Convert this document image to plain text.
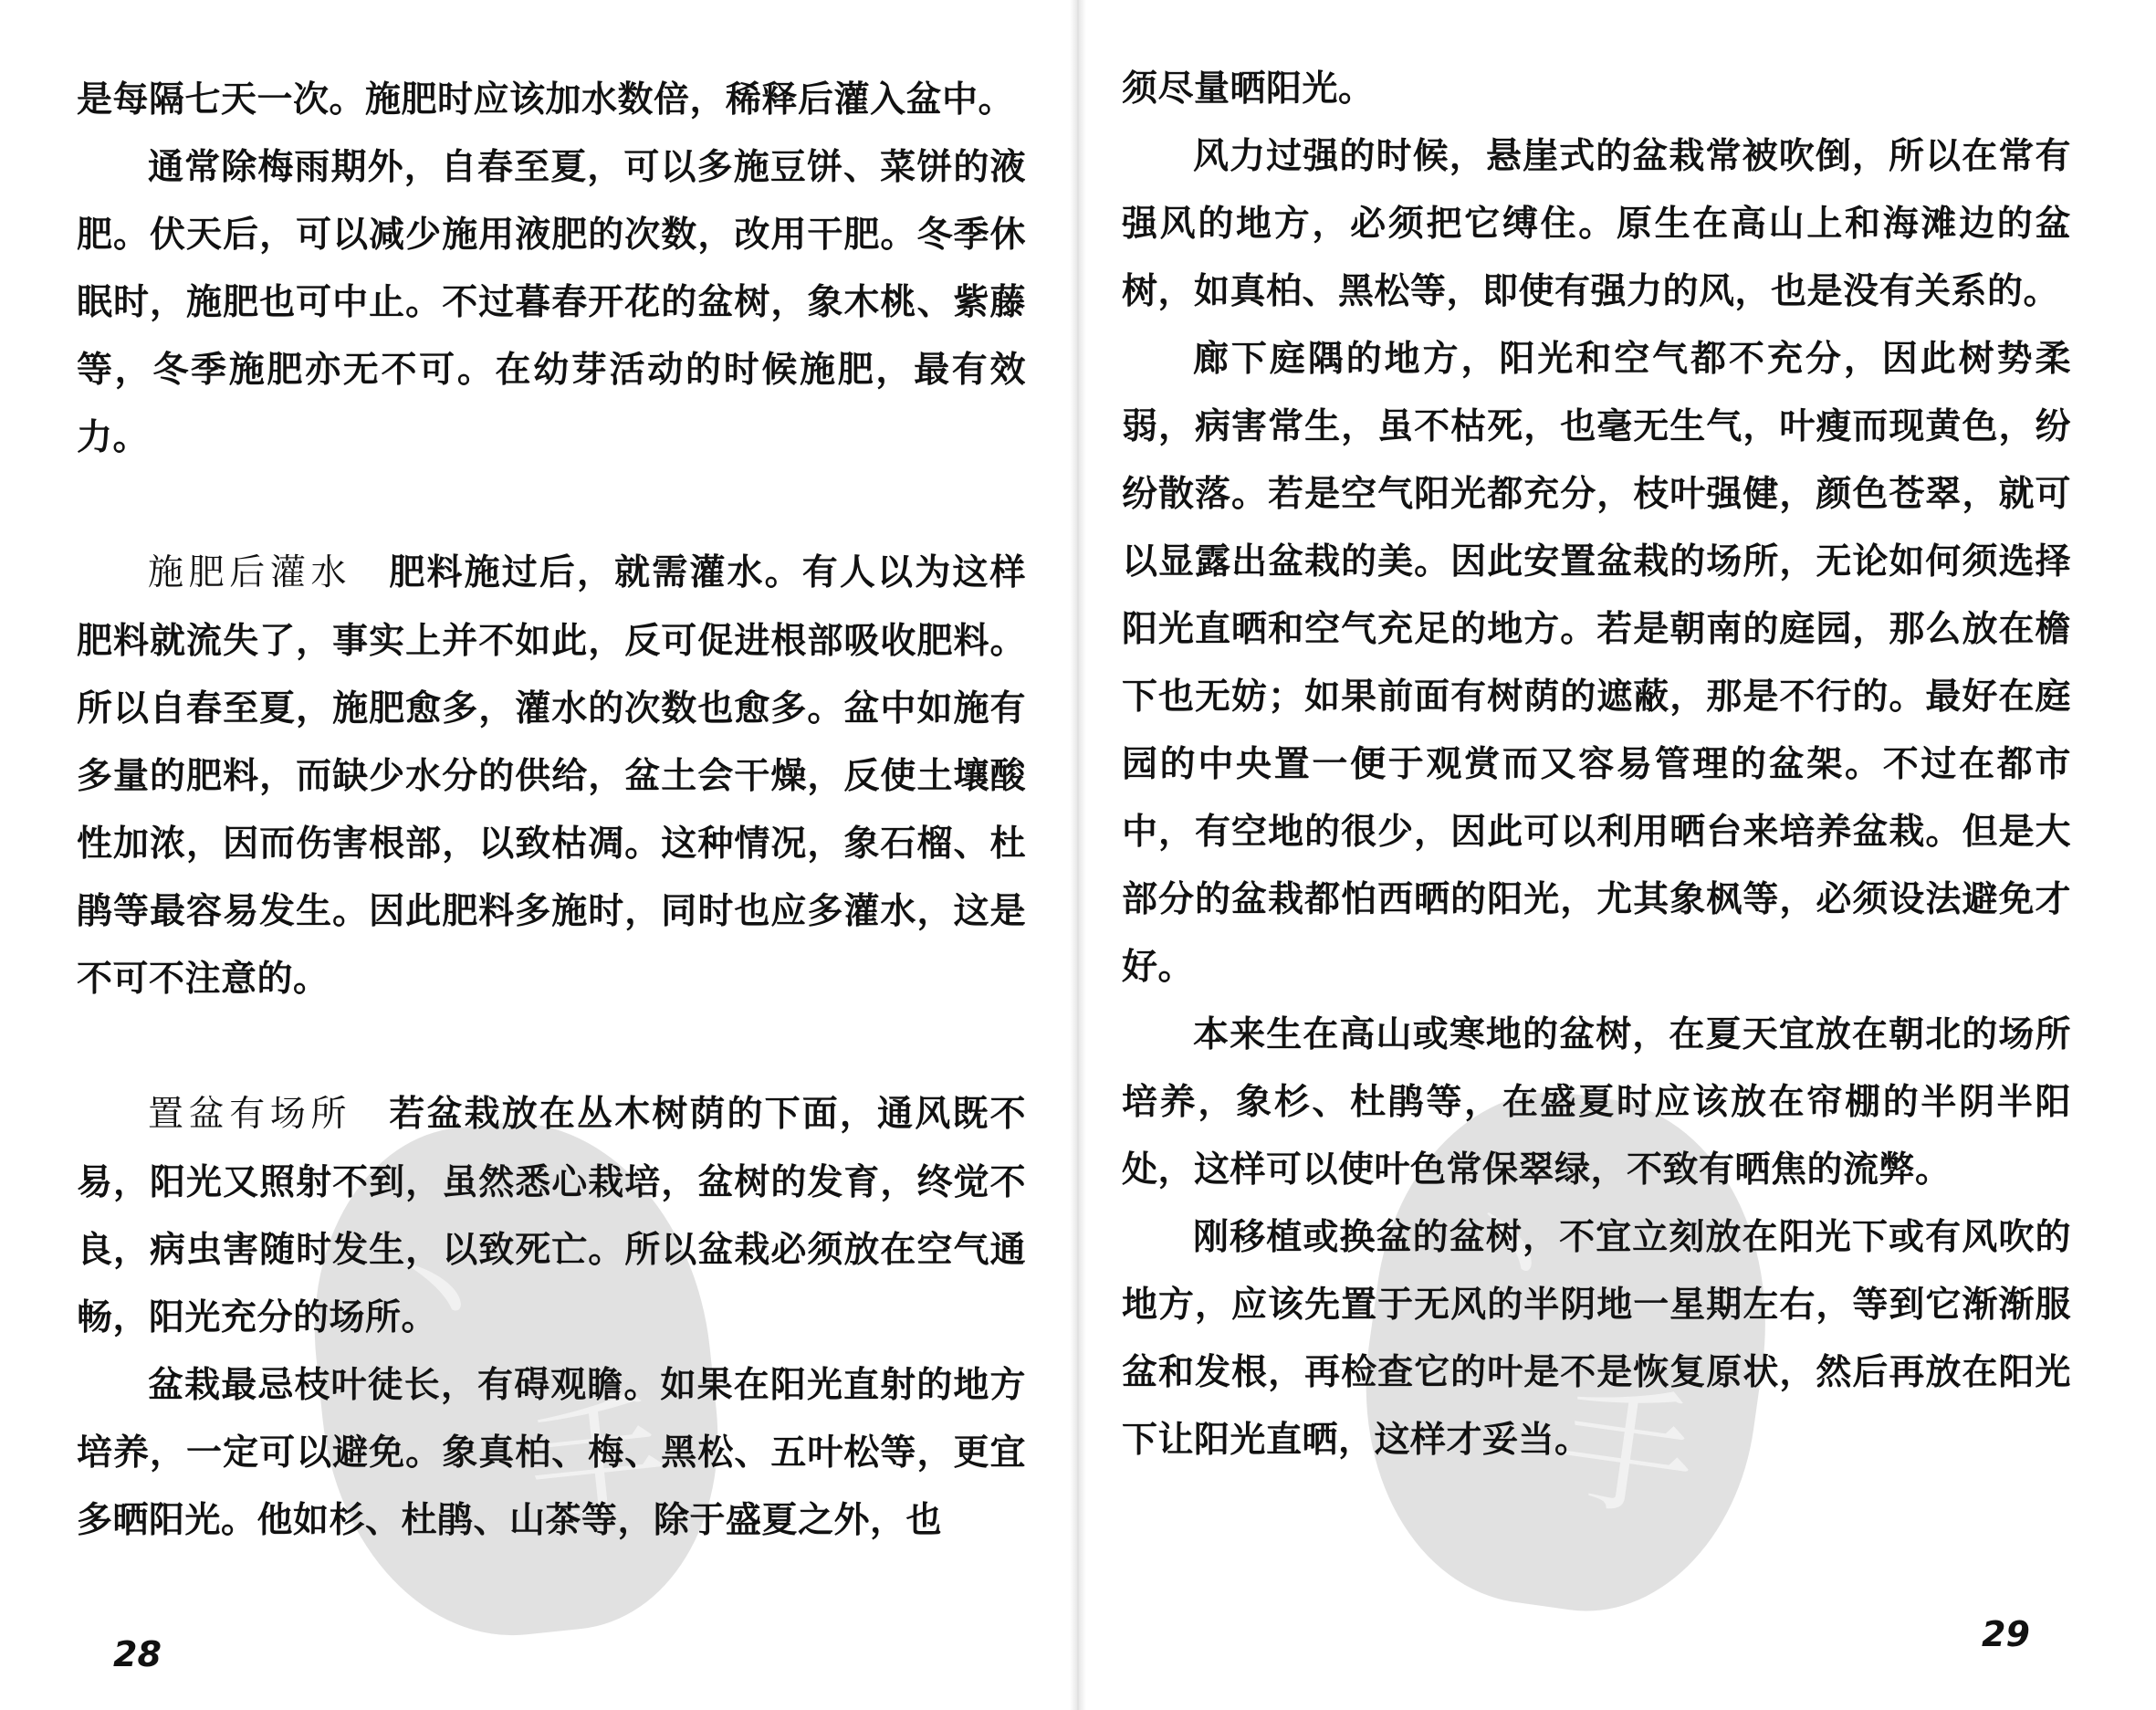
⼂
⼿

是每隔七天一次。施肥时应该加水数倍，稀释后灌入盆中。

通常除梅雨期外，自春至夏，可以多施豆饼、菜饼的液肥。伏天后，可以减少施用液肥的次数，改用干肥。冬季休眠时，施肥也可中止。不过暮春开花的盆树，象木桃、紫藤等，冬季施肥亦无不可。在幼芽活动的时候施肥，最有效力。

施肥后灌水　 肥料施过后，就需灌水。有人以为这样肥料就流失了，事实上并不如此，反可促进根部吸收肥料。所以自春至夏，施肥愈多，灌水的次数也愈多。盆中如施有多量的肥料，而缺少水分的供给，盆土会干燥，反使土壤酸性加浓，因而伤害根部，以致枯凋。这种情况，象石榴、杜鹃等最容易发生。因此肥料多施时，同时也应多灌水，这是不可不注意的。

置盆有场所　 若盆栽放在丛木树荫的下面，通风既不易，阳光又照射不到，虽然悉心栽培，盆树的发育，终觉不良，病虫害随时发生，以致死亡。所以盆栽必须放在空气通畅，阳光充分的场所。

盆栽最忌枝叶徒长，有碍观瞻。如果在阳光直射的地方培养，一定可以避免。象真柏、梅、黑松、五叶松等，更宜多晒阳光。他如杉、杜鹃、山茶等，除于盛夏之外，也

28
⼂
⼿

须尽量晒阳光。

风力过强的时候，悬崖式的盆栽常被吹倒，所以在常有强风的地方，必须把它缚住。原生在高山上和海滩边的盆树，如真柏、黑松等，即使有强力的风，也是没有关系的。

廊下庭隅的地方，阳光和空气都不充分，因此树势柔弱，病害常生，虽不枯死，也毫无生气，叶瘦而现黄色，纷纷散落。若是空气阳光都充分，枝叶强健，颜色苍翠，就可以显露出盆栽的美。因此安置盆栽的场所，无论如何须选择阳光直晒和空气充足的地方。若是朝南的庭园，那么放在檐下也无妨；如果前面有树荫的遮蔽，那是不行的。最好在庭园的中央置一便于观赏而又容易管理的盆架。不过在都市中，有空地的很少，因此可以利用晒台来培养盆栽。但是大部分的盆栽都怕西晒的阳光，尤其象枫等，必须设法避免才好。

本来生在高山或寒地的盆树，在夏天宜放在朝北的场所培养，象杉、杜鹃等，在盛夏时应该放在帘棚的半阴半阳处，这样可以使叶色常保翠绿，不致有晒焦的流弊。

刚移植或换盆的盆树，不宜立刻放在阳光下或有风吹的地方，应该先置于无风的半阴地一星期左右，等到它渐渐服盆和发根，再检查它的叶是不是恢复原状，然后再放在阳光下让阳光直晒，这样才妥当。

29
